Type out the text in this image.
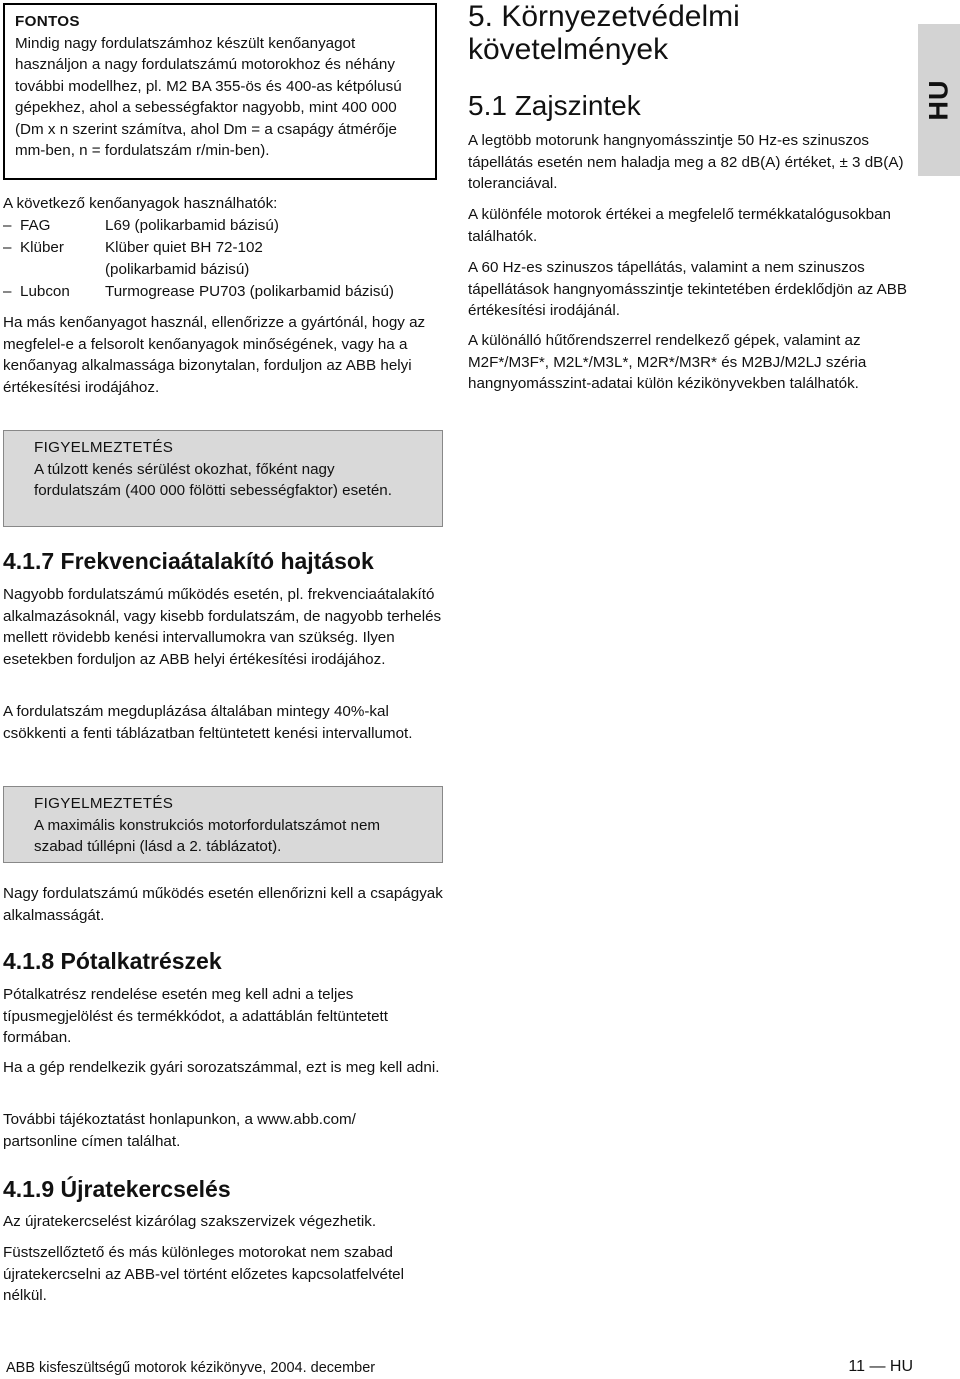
FONTOS

Mindig nagy fordulatszámhoz készült kenőanyagot használjon a nagy fordulatszámú motorokhoz és néhány további modellhez, pl. M2 BA 355-ös és 400-as kétpólusú gépekhez, ahol a sebességfaktor nagyobb, mint 400 000 (Dm x n szerint számítva, ahol Dm = a csapágy átmérője mm-ben, n = fordulatszám r/min-ben).

A következő kenőanyagok használhatók:

– FAG	L69 (polikarbamid bázisú)
– Klüber	Klüber quiet BH 72-102
(polikarbamid bázisú)
– Lubcon Turmogrease PU703 (polikarbamid bázisú)

Ha más kenőanyagot használ, ellenőrizze a gyártónál, hogy az megfelel-e a felsorolt kenőanyagok minőségének, vagy ha a kenőanyag alkalmassága bizonytalan, forduljon az ABB helyi értékesítési irodájához.

FIGYELMEZTETÉS

A túlzott kenés sérülést okozhat, főként nagy fordulatszám (400 000 fölötti sebességfaktor) esetén.

4.1.7 Frekvenciaátalakító hajtások

Nagyobb fordulatszámú működés esetén, pl. frekvenciaátalakító alkalmazásoknál, vagy kisebb fordulatszám, de nagyobb terhelés mellett rövidebb kenési intervallumokra van szükség. Ilyen esetekben forduljon az ABB helyi értékesítési irodájához.

A fordulatszám megduplázása általában mintegy 40%-kal csökkenti a fenti táblázatban feltüntetett kenési intervallumot.

FIGYELMEZTETÉS

A maximális konstrukciós motorfordulatszámot nem szabad túllépni (lásd a 2. táblázatot).

Nagy fordulatszámú működés esetén ellenőrizni kell a csapágyak alkalmasságát.

4.1.8 Pótalkatrészek

Pótalkatrész rendelése esetén meg kell adni a teljes típusmegjelölést és termékkódot, a adattáblán feltüntetett formában.

Ha a gép rendelkezik gyári sorozatszámmal, ezt is meg kell adni.

További tájékoztatást honlapunkon, a www.abb.com/ partsonline címen találhat.

4.1.9 Újratekercselés

Az újratekercselést kizárólag szakszervizek végezhetik.

Füstszellőztető és más különleges motorokat nem szabad újratekercselni az ABB-vel történt előzetes kapcsolatfelvétel nélkül.

5. Környezetvédelmi követelmények
5.1 Zajszintek

A legtöbb motorunk hangnyomásszintje 50 Hz-es szinuszos tápellátás esetén nem haladja meg a 82 dB(A) értéket, ± 3 dB(A) toleranciával.

A különféle motorok értékei a megfelelő termékkatalógusokban találhatók.

A 60 Hz-es szinuszos tápellátás, valamint a nem szinuszos tápellátások hangnyomásszintje tekintetében érdeklődjön az ABB értékesítési irodájánál.

A különálló hűtőrendszerrel rendelkező gépek, valamint az M2F*/M3F*, M2L*/M3L*, M2R*/M3R* és M2BJ/M2LJ széria hangnyomásszint-adatai külön kézikönyvekben találhatók.

HU
ABB kisfeszültségű motorok kézikönyve, 2004. december	11 — HU
